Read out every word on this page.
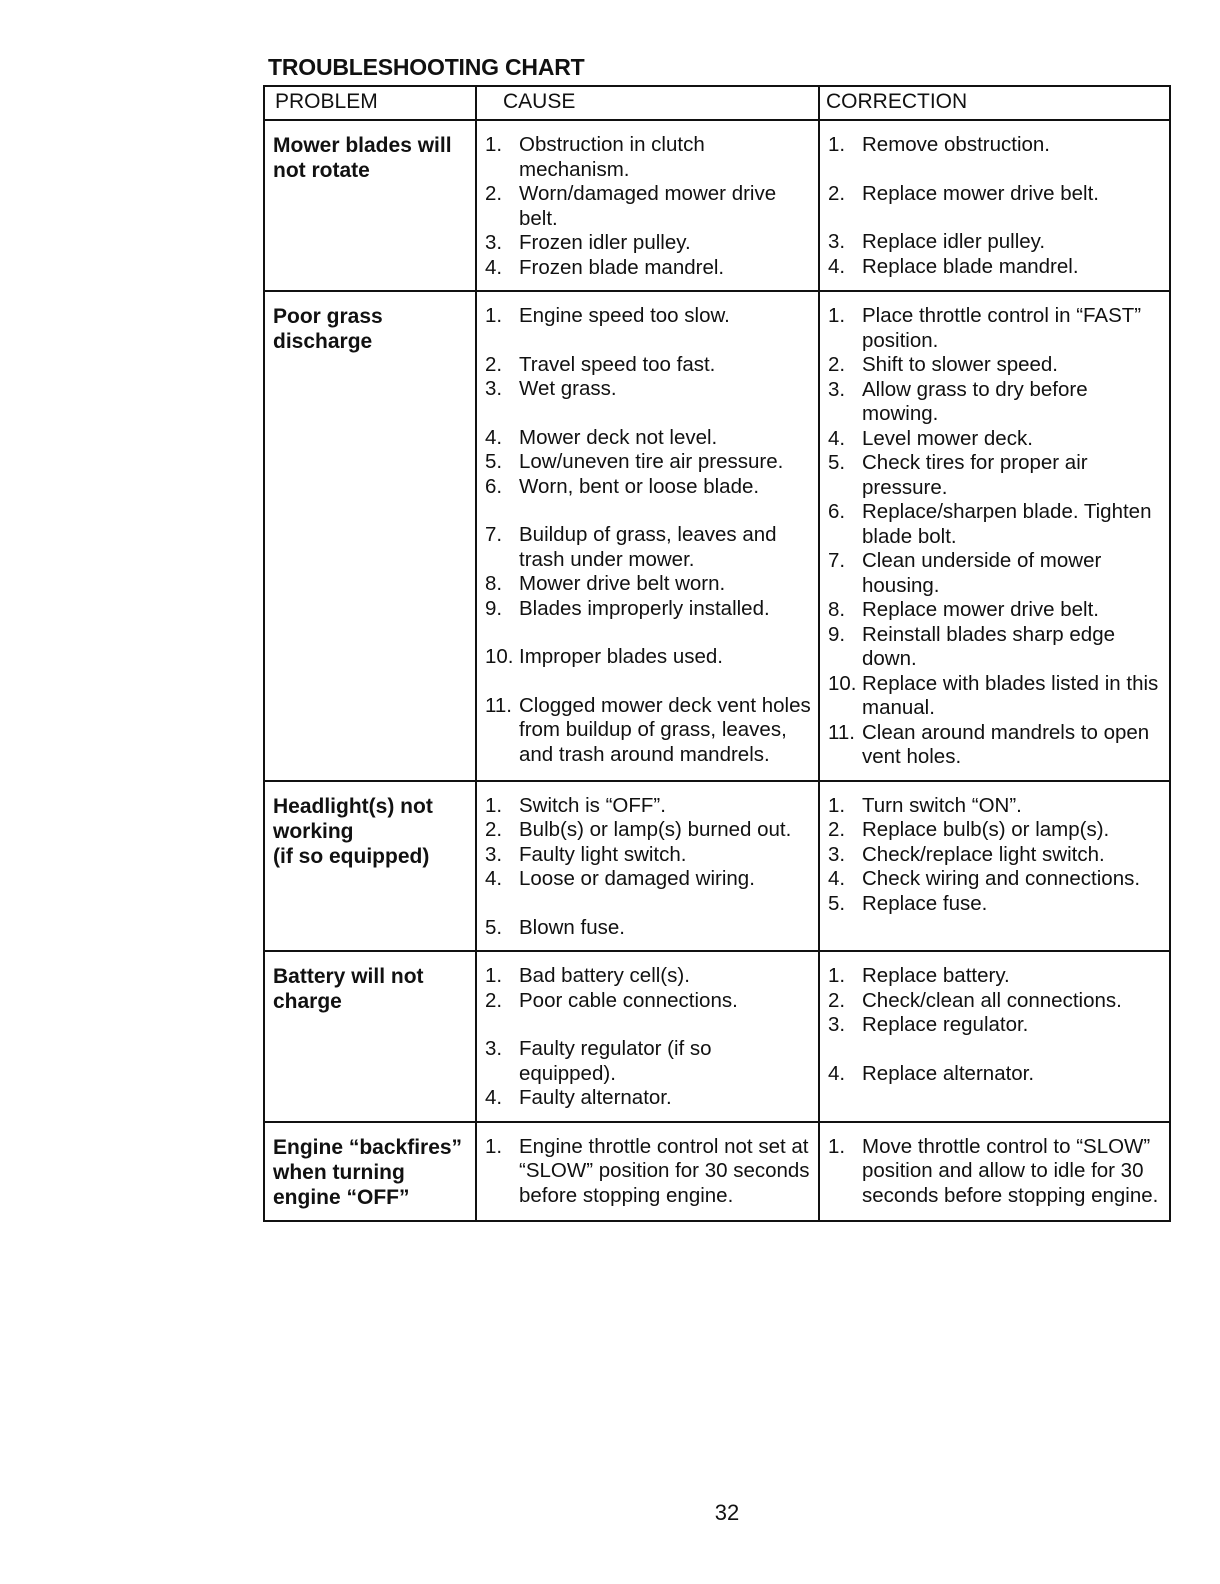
TROUBLESHOOTING CHART
PROBLEM	CAUSE	CORRECTION
Mower blades will
not rotate
1. Obstruction in clutch mechanism.
2. Worn/damaged mower drive belt.
3. Frozen idler pulley.
4. Frozen blade mandrel.
1. Remove obstruction.
2. Replace mower drive belt.
3. Replace idler pulley.
4. Replace blade mandrel.
Poor grass
discharge
1. Engine speed too slow.
2. Travel speed too fast.
3. Wet grass.
4. Mower deck not level.
5. Low/uneven tire air pressure.
6. Worn, bent or loose blade.
7. Buildup of grass, leaves and trash under mower.
8. Mower drive belt worn.
9. Blades improperly installed.
10. Improper blades used.
11. Clogged mower deck vent holes from buildup of grass, leaves, and trash around mandrels.
1. Place throttle control in “FAST” position.
2. Shift to slower speed.
3. Allow grass to dry before mowing.
4. Level mower deck.
5. Check tires for proper air pressure.
6. Replace/sharpen blade. Tighten blade bolt.
7. Clean underside of mower housing.
8. Replace mower drive belt.
9. Reinstall blades sharp edge down.
10. Replace with blades listed in this manual.
11. Clean around mandrels to open vent holes.
Headlight(s) not
working
(if so equipped)
1. Switch is “OFF”.
2. Bulb(s) or lamp(s) burned out.
3. Faulty light switch.
4. Loose or damaged wiring.
5. Blown fuse.
1. Turn switch “ON”.
2. Replace bulb(s) or lamp(s).
3. Check/replace light switch.
4. Check wiring and connections.
5. Replace fuse.
Battery will not
charge
1. Bad battery cell(s).
2. Poor cable connections.
3. Faulty regulator (if so equipped).
4. Faulty alternator.
1. Replace battery.
2. Check/clean all connections.
3. Replace regulator.
4. Replace alternator.
Engine “backfires”
when turning
engine “OFF”
1. Engine throttle control not set at “SLOW” position for 30 seconds before stopping engine.
1. Move throttle control to “SLOW” position and allow to idle for 30 seconds before stopping engine.
32
